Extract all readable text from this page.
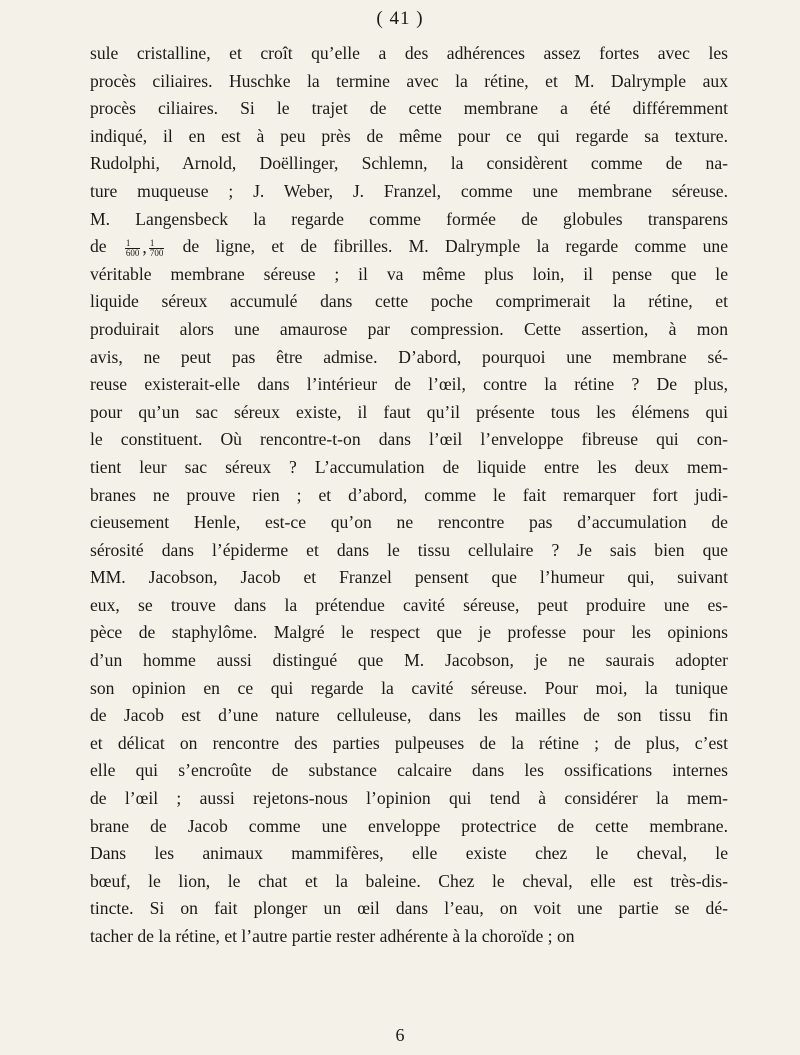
( 41 )
sule cristalline, et croît qu’elle a des adhérences assez fortes avec les
procès ciliaires. Huschke la termine avec la rétine, et M. Dalrymple aux
procès ciliaires. Si le trajet de cette membrane a été différemment
indiqué, il en est à peu près de même pour ce qui regarde sa texture.
Rudolphi, Arnold, Doëllinger, Schlemn, la considèrent comme de na-
ture muqueuse ; J. Weber, J. Franzel, comme une membrane séreuse.
M. Langensbeck la regarde comme formée de globules transparens
de $\frac{1}{600}$ , $\frac{1}{700}$ de ligne, et de fibrilles. M. Dalrymple la regarde comme une
véritable membrane séreuse ; il va même plus loin, il pense que le
liquide séreux accumulé dans cette poche comprimerait la rétine, et
produirait alors une amaurose par compression. Cette assertion, à mon
avis, ne peut pas être admise. D’abord, pourquoi une membrane sé-
reuse existerait-elle dans l’intérieur de l’œil, contre la rétine ? De plus,
pour qu’un sac séreux existe, il faut qu’il présente tous les élémens qui
le constituent. Où rencontre-t-on dans l’œil l’enveloppe fibreuse qui con-
tient leur sac séreux ? L’accumulation de liquide entre les deux mem-
branes ne prouve rien ; et d’abord, comme le fait remarquer fort judi-
cieusement Henle, est-ce qu’on ne rencontre pas d’accumulation de
sérosité dans l’épiderme et dans le tissu cellulaire ? Je sais bien que
MM. Jacobson, Jacob et Franzel pensent que l’humeur qui, suivant
eux, se trouve dans la prétendue cavité séreuse, peut produire une es-
pèce de staphylôme. Malgré le respect que je professe pour les opinions
d’un homme aussi distingué que M. Jacobson, je ne saurais adopter
son opinion en ce qui regarde la cavité séreuse. Pour moi, la tunique
de Jacob est d’une nature celluleuse, dans les mailles de son tissu fin
et délicat on rencontre des parties pulpeuses de la rétine ; de plus, c’est
elle qui s’encroûte de substance calcaire dans les ossifications internes
de l’œil ; aussi rejetons-nous l’opinion qui tend à considérer la mem-
brane de Jacob comme une enveloppe protectrice de cette membrane.
Dans les animaux mammifères, elle existe chez le cheval, le
bœuf, le lion, le chat et la baleine. Chez le cheval, elle est très-dis-
tincte. Si on fait plonger un œil dans l’eau, on voit une partie se dé-
tacher de la rétine, et l’autre partie rester adhérente à la choroïde ; on
6
